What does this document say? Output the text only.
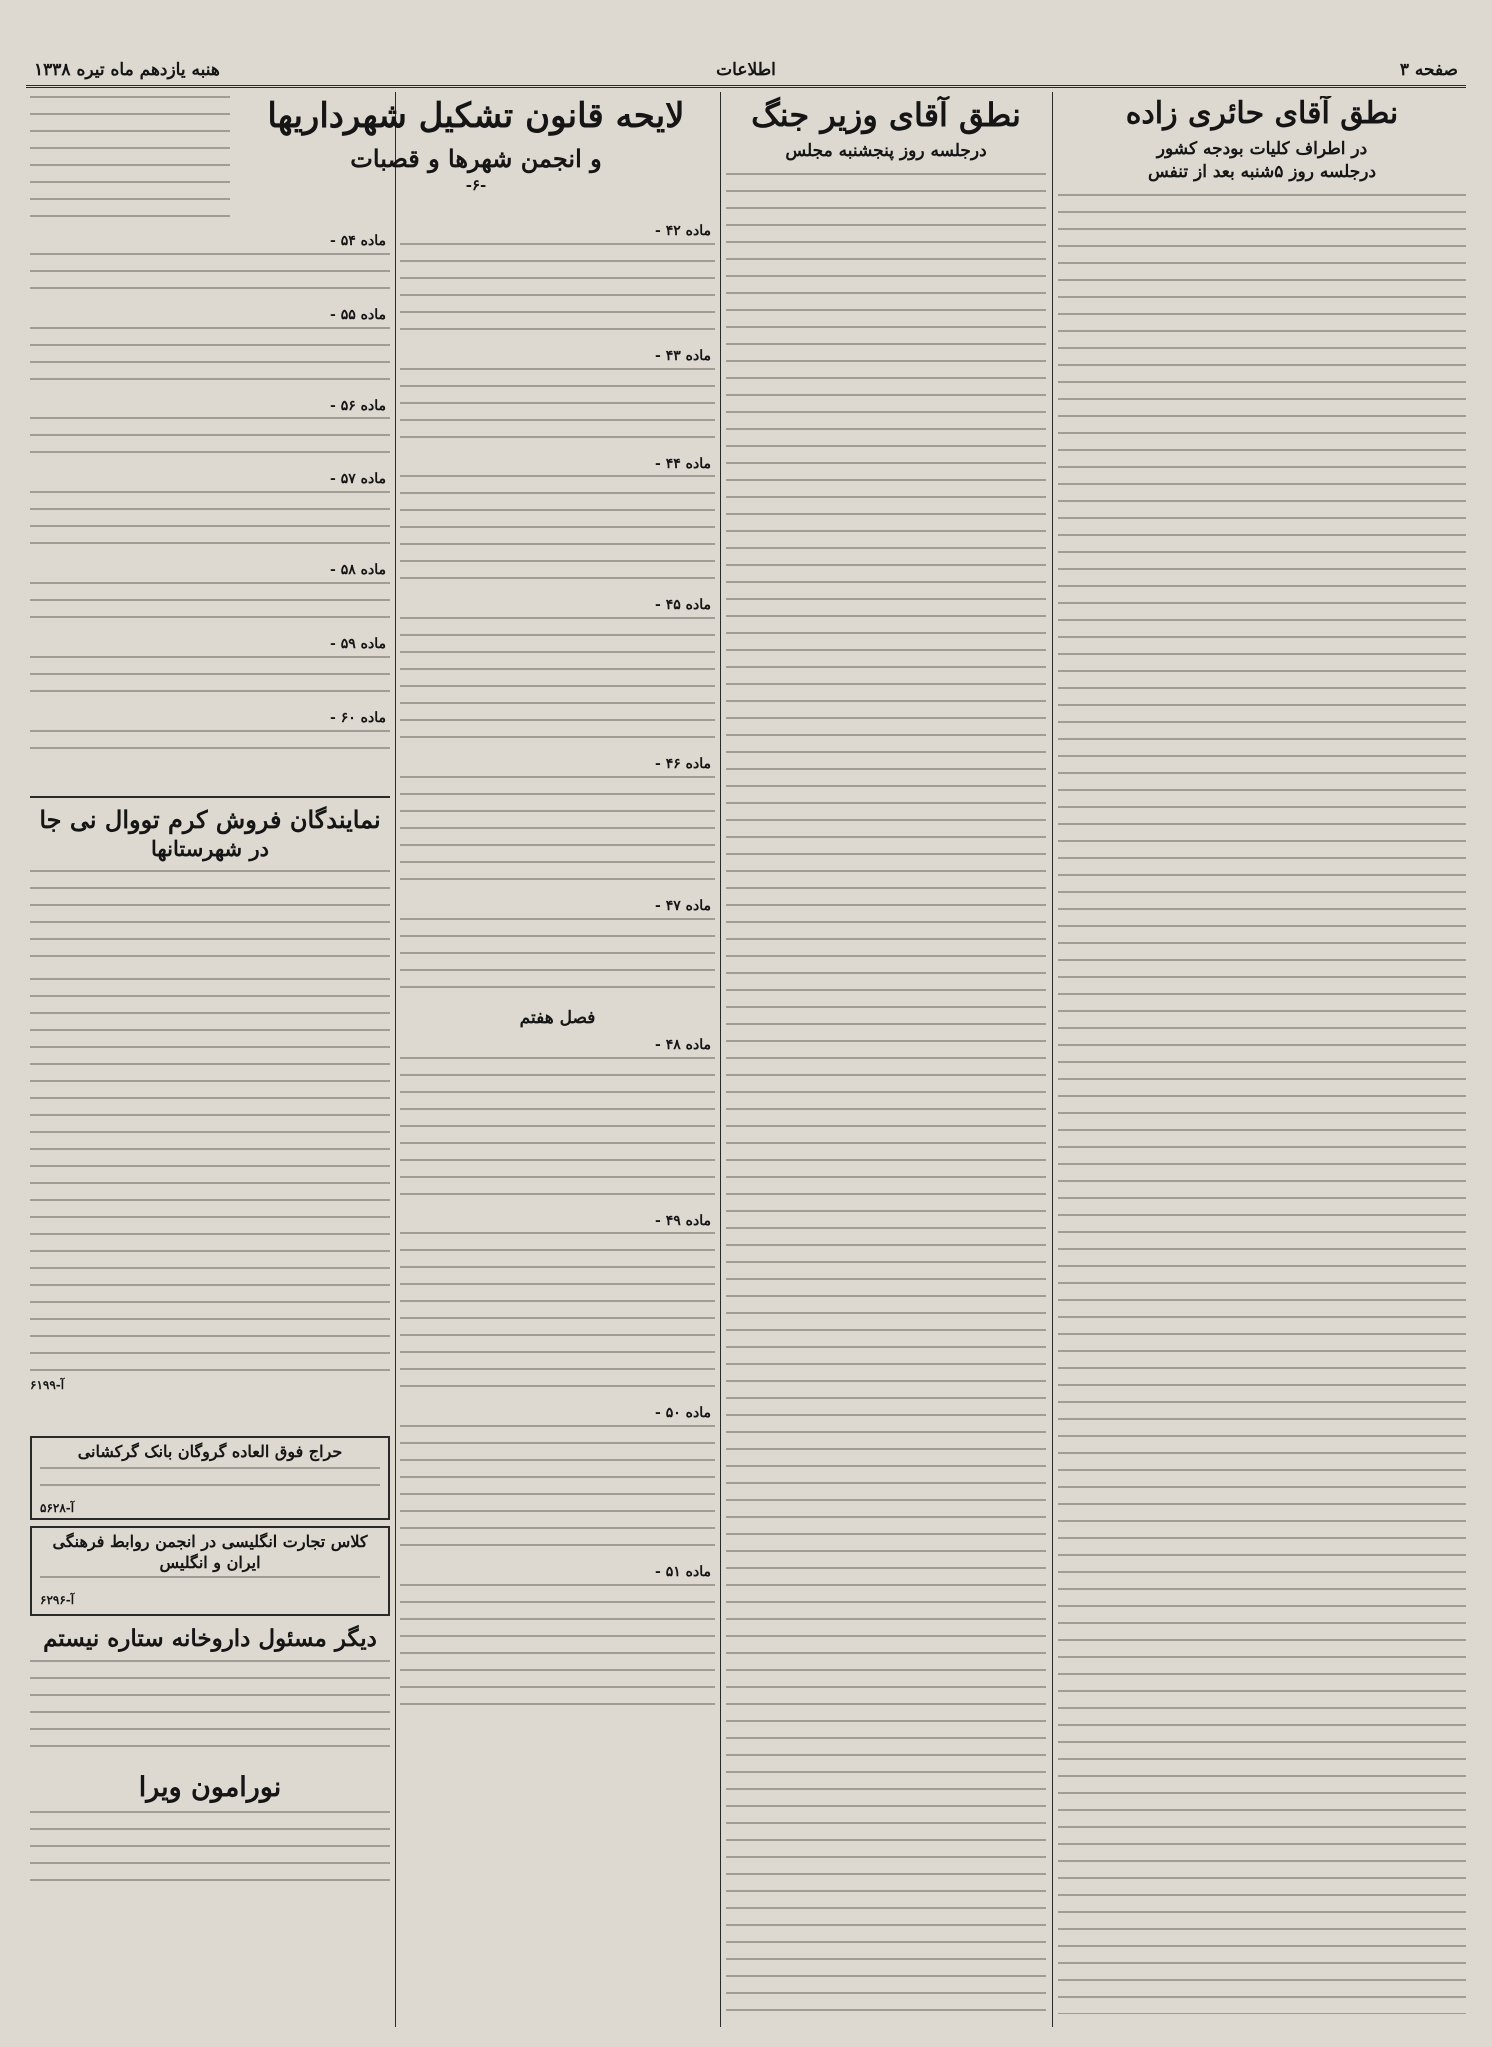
صفحه ۳
اطلاعات
هنبه یازدهم ماه تیره ۱۳۳۸
نطق آقای حائری زاده
در اطراف کلیات بودجه کشور
درجلسه روز ۵شنبه بعد از تنفس
نطق آقای وزیر جنگ
درجلسه روز پنجشنبه مجلس
لایحه قانون تشکیل شهرداریها
و انجمن شهرها و قصبات
-۶-
ماده ۴۲ -
ماده ۴۳ -
ماده ۴۴ -
ماده ۴۵ -
ماده ۴۶ -
ماده ۴۷ -
فصل هفتم
ماده ۴۸ -
ماده ۴۹ -
ماده ۵۰ -
ماده ۵۱ -
ماده ۵۴ -
ماده ۵۵ -
ماده ۵۶ -
ماده ۵۷ -
ماده ۵۸ -
ماده ۵۹ -
ماده ۶۰ -
نمایندگان فروش کرم تووال نی جا
در شهرستانها
آ-۶۱۹۹
حراج فوق العاده گروگان بانک گرکشانی
آ-۵۶۲۸
کلاس تجارت انگلیسی در انجمن روابط فرهنگی
ایران و انگلیس
آ-۶۲۹۶
دیگر مسئول داروخانه ستاره نیستم
نورامون ویرا
